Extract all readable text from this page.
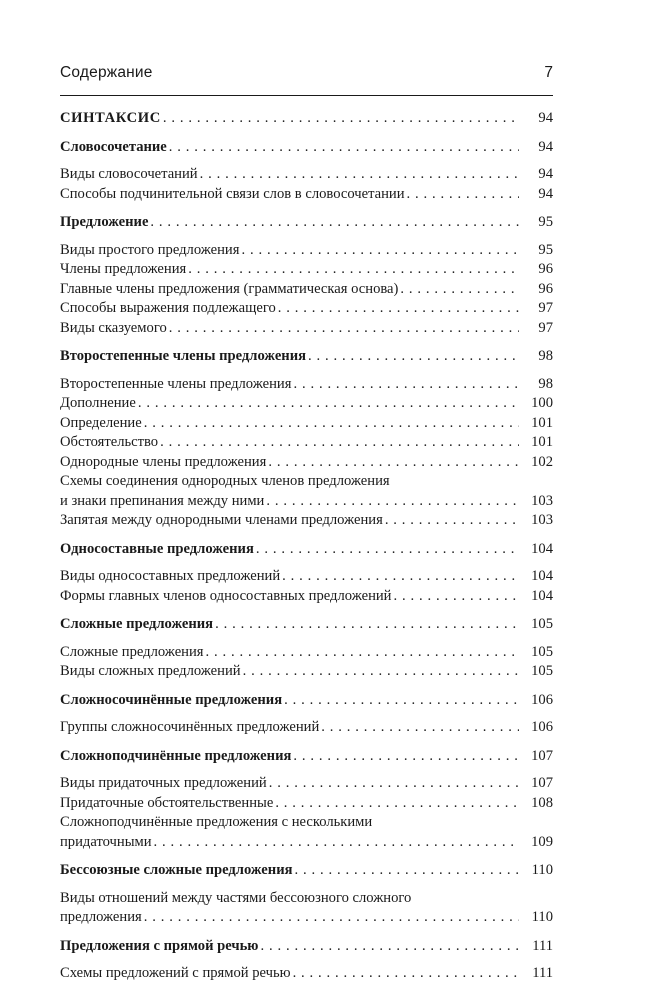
Содержание	7
СИНТАКСИС . . .	94
Словосочетание . . .	94
Виды словосочетаний . . .	94
Способы подчинительной связи слов в словосочетании . . .	94
Предложение . . .	95
Виды простого предложения . . .	95
Члены предложения . . .	96
Главные члены предложения (грамматическая основа) . . .	96
Способы выражения подлежащего . . .	97
Виды сказуемого . . .	97
Второстепенные члены предложения . . .	98
Второстепенные члены предложения . . .	98
Дополнение . . .	100
Определение . . .	101
Обстоятельство . . .	101
Однородные члены предложения . . .	102
Схемы соединения однородных членов предложения
и знаки препинания между ними . . .	103
Запятая между однородными членами предложения . . .	103
Односоставные предложения . . .	104
Виды односоставных предложений . . .	104
Формы главных членов односоставных предложений . . .	104
Сложные предложения . . .	105
Сложные предложения . . .	105
Виды сложных предложений . . .	105
Сложносочинённые предложения . . .	106
Группы сложносочинённых предложений . . .	106
Сложноподчинённые предложения . . .	107
Виды придаточных предложений . . .	107
Придаточные обстоятельственные . . .	108
Сложноподчинённые предложения с несколькими
придаточными . . .	109
Бессоюзные сложные предложения . . .	110
Виды отношений между частями бессоюзного сложного
предложения . . .	110
Предложения с прямой речью . . .	111
Схемы предложений с прямой речью . . .	111
